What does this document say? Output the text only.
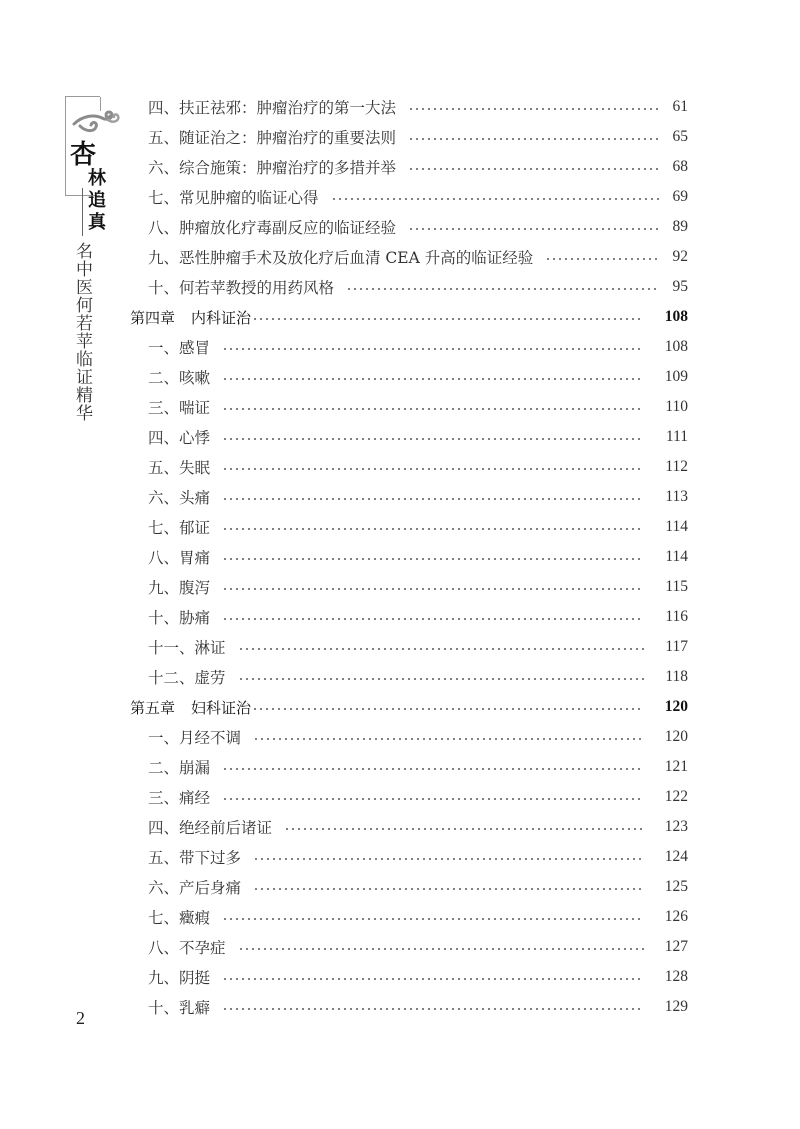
杏
林
追
真
名中医何若苹临证精华
四、扶正祛邪：肿瘤治疗的第一大法	61
五、随证治之：肿瘤治疗的重要法则	65
六、综合施策：肿瘤治疗的多措并举	68
七、常见肿瘤的临证心得	69
八、肿瘤放化疗毒副反应的临证经验	89
九、恶性肿瘤手术及放化疗后血清 CEA 升高的临证经验	92
十、何若苹教授的用药风格	95
第四章 内科证治	108
一、感冒	108
二、咳嗽	109
三、喘证	110
四、心悸	111
五、失眠	112
六、头痛	113
七、郁证	114
八、胃痛	114
九、腹泻	115
十、胁痛	116
十一、淋证	117
十二、虚劳	118
第五章 妇科证治	120
一、月经不调	120
二、崩漏	121
三、痛经	122
四、绝经前后诸证	123
五、带下过多	124
六、产后身痛	125
七、癥瘕	126
八、不孕症	127
九、阴挺	128
十、乳癖	129
2
